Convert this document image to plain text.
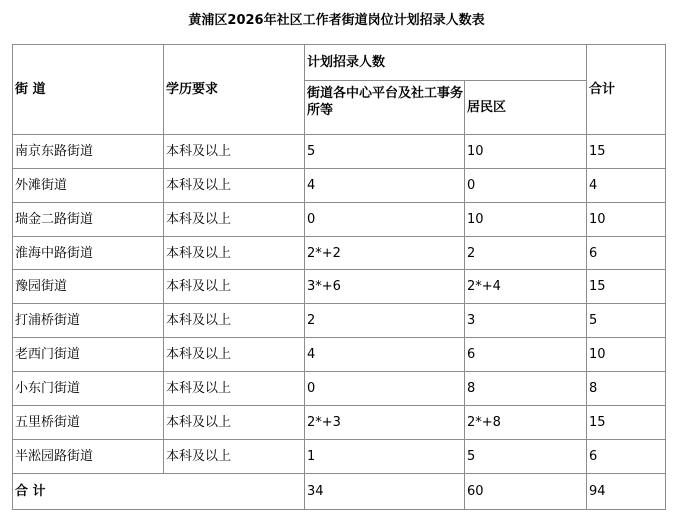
黄浦区2026年社区工作者街道岗位计划招录人数表
街 道	学历要求	计划招录人数		合计
		街道各中心平台及社工事务所等	居民区	
南京东路街道	本科及以上	5	10	15
外滩街道	本科及以上	4	0	4
瑞金二路街道	本科及以上	0	10	10
淮海中路街道	本科及以上	2*+2	2	6
豫园街道	本科及以上	3*+6	2*+4	15
打浦桥街道	本科及以上	2	3	5
老西门街道	本科及以上	4	6	10
小东门街道	本科及以上	0	8	8
五里桥街道	本科及以上	2*+3	2*+8	15
半淞园路街道	本科及以上	1	5	6
合 计		34	60	94
